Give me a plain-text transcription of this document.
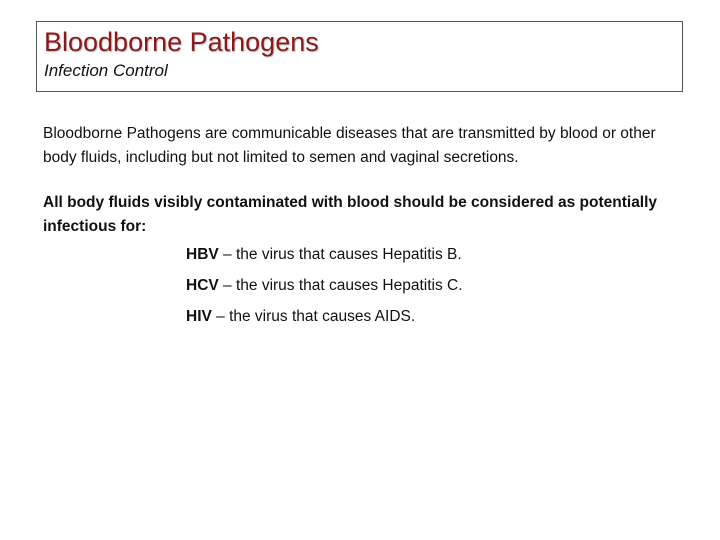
Bloodborne Pathogens

Infection Control

Bloodborne Pathogens are communicable diseases that are transmitted by blood or other body fluids, including but not limited to semen and vaginal secretions.

All body fluids visibly contaminated with blood should be considered as potentially infectious for:

HBV – the virus that causes Hepatitis B.
HCV – the virus that causes Hepatitis C.
HIV – the virus that causes AIDS.
